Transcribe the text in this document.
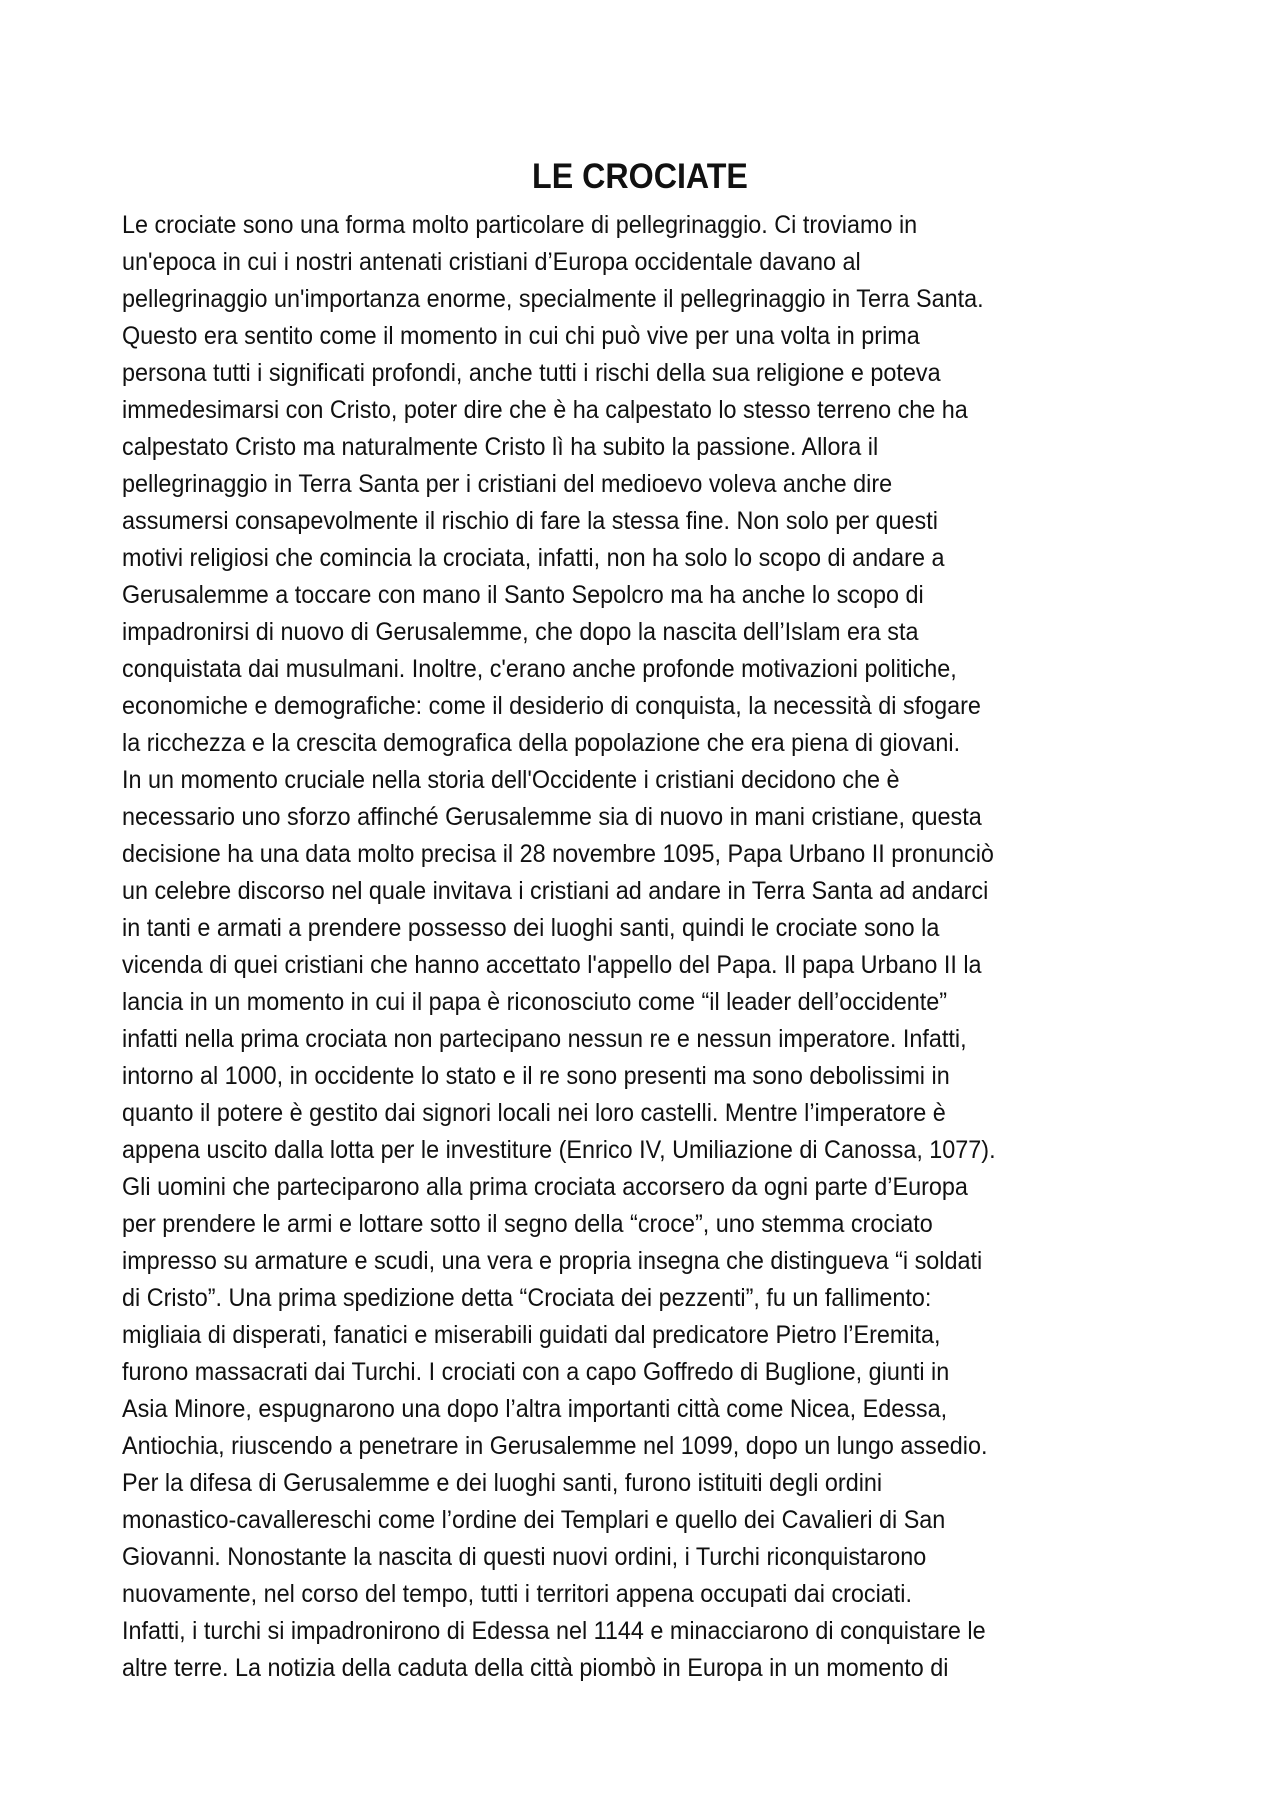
LE CROCIATE
Le crociate sono una forma molto particolare di pellegrinaggio. Ci troviamo in
un'epoca in cui i nostri antenati cristiani d’Europa occidentale davano al
pellegrinaggio un'importanza enorme, specialmente il pellegrinaggio in Terra Santa.
Questo era sentito come il momento in cui chi può vive per una volta in prima
persona tutti i significati profondi, anche tutti i rischi della sua religione e poteva
immedesimarsi con Cristo, poter dire che è ha calpestato lo stesso terreno che ha
calpestato Cristo ma naturalmente Cristo lì ha subito la passione. Allora il
pellegrinaggio in Terra Santa per i cristiani del medioevo voleva anche dire
assumersi consapevolmente il rischio di fare la stessa fine. Non solo per questi
motivi religiosi che comincia la crociata, infatti, non ha solo lo scopo di andare a
Gerusalemme a toccare con mano il Santo Sepolcro ma ha anche lo scopo di
impadronirsi di nuovo di Gerusalemme, che dopo la nascita dell’Islam era sta
conquistata dai musulmani. Inoltre, c'erano anche profonde motivazioni politiche,
economiche e demografiche: come il desiderio di conquista, la necessità di sfogare
la ricchezza e la crescita demografica della popolazione che era piena di giovani.
In un momento cruciale nella storia dell'Occidente i cristiani decidono che è
necessario uno sforzo affinché Gerusalemme sia di nuovo in mani cristiane, questa
decisione ha una data molto precisa il 28 novembre 1095, Papa Urbano II pronunciò
un celebre discorso nel quale invitava i cristiani ad andare in Terra Santa ad andarci
in tanti e armati a prendere possesso dei luoghi santi, quindi le crociate sono la
vicenda di quei cristiani che hanno accettato l'appello del Papa. Il papa Urbano II la
lancia in un momento in cui il papa è riconosciuto come “il leader dell’occidente”
infatti nella prima crociata non partecipano nessun re e nessun imperatore. Infatti,
intorno al 1000, in occidente lo stato e il re sono presenti ma sono debolissimi in
quanto il potere è gestito dai signori locali nei loro castelli. Mentre l’imperatore è
appena uscito dalla lotta per le investiture (Enrico IV, Umiliazione di Canossa, 1077).
Gli uomini che parteciparono alla prima crociata accorsero da ogni parte d’Europa
per prendere le armi e lottare sotto il segno della “croce”, uno stemma crociato
impresso su armature e scudi, una vera e propria insegna che distingueva “i soldati
di Cristo”. Una prima spedizione detta “Crociata dei pezzenti”, fu un fallimento:
migliaia di disperati, fanatici e miserabili guidati dal predicatore Pietro l’Eremita,
furono massacrati dai Turchi. I crociati con a capo Goffredo di Buglione, giunti in
Asia Minore, espugnarono una dopo l’altra importanti città come Nicea, Edessa,
Antiochia, riuscendo a penetrare in Gerusalemme nel 1099, dopo un lungo assedio.
Per la difesa di Gerusalemme e dei luoghi santi, furono istituiti degli ordini
monastico-cavallereschi come l’ordine dei Templari e quello dei Cavalieri di San
Giovanni. Nonostante la nascita di questi nuovi ordini, i Turchi riconquistarono
nuovamente, nel corso del tempo, tutti i territori appena occupati dai crociati.
Infatti, i turchi si impadronirono di Edessa nel 1144 e minacciarono di conquistare le
altre terre. La notizia della caduta della città piombò in Europa in un momento di
